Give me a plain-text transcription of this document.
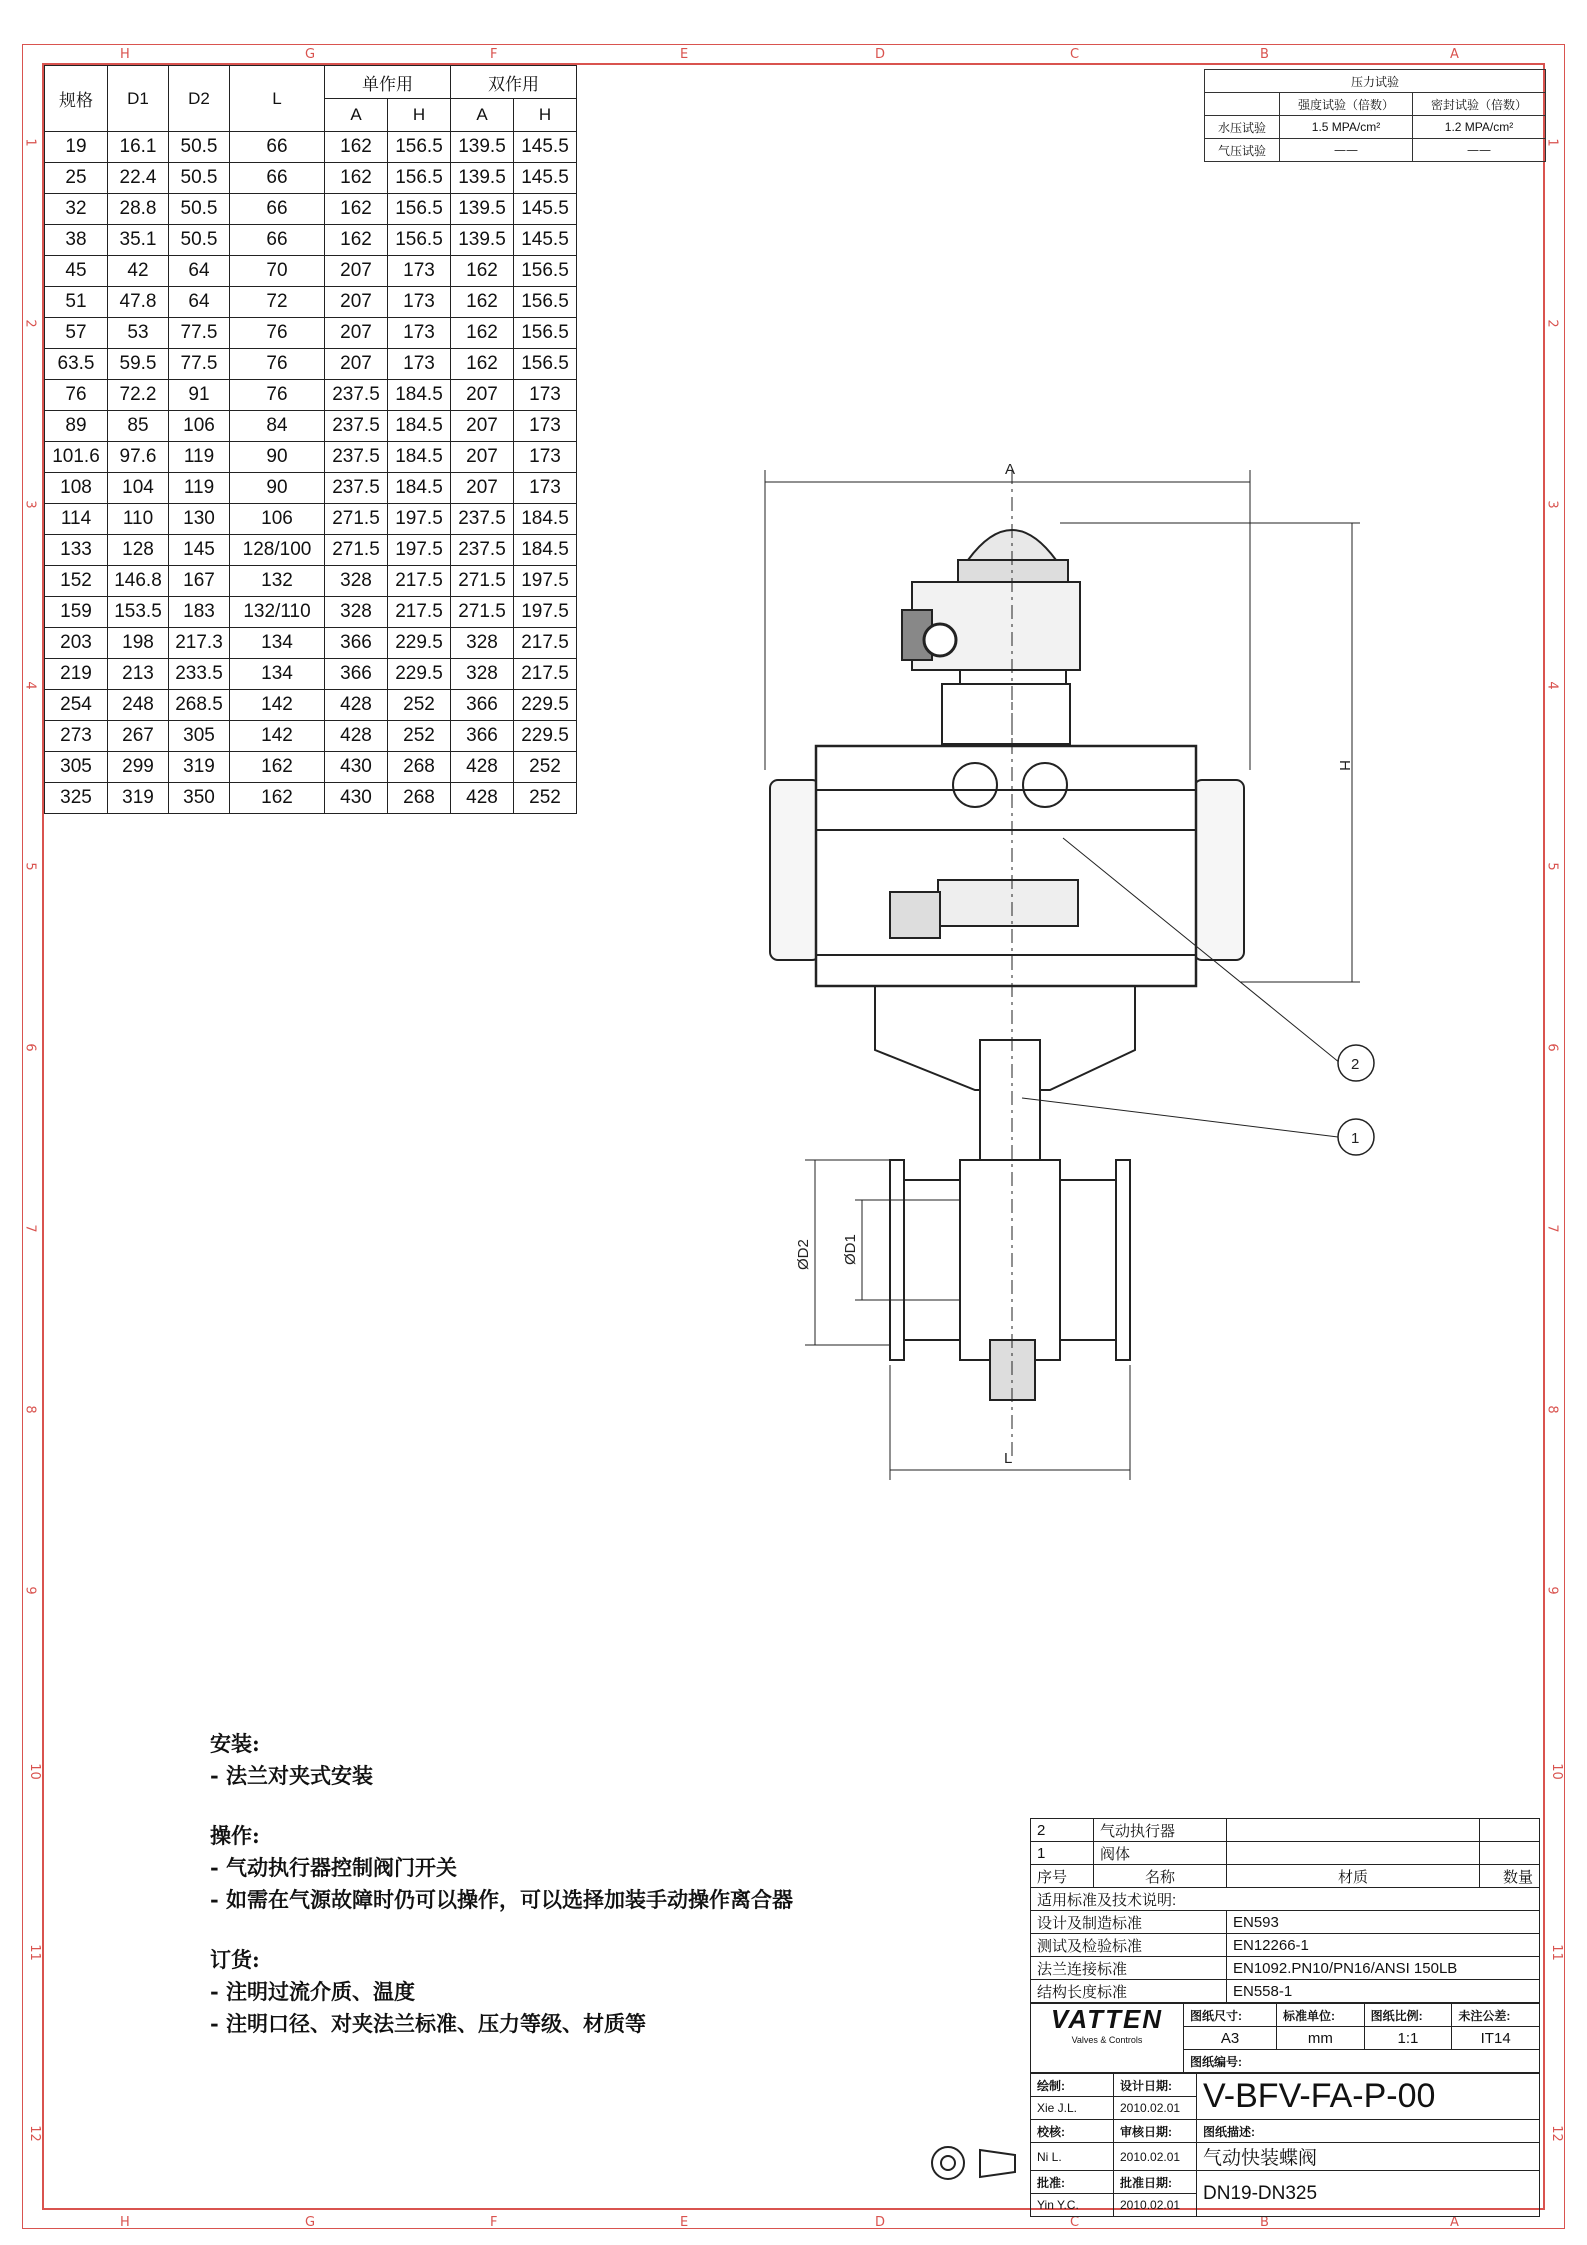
H
H
G
G
F
F
E
E
D
D
C
C
B
B
A
A
1	1
2	2
3	3
4	4
5	5
6	6
7	7
8	8
9	9
10	10
11	11
12	12
规格	D1	D2	L	单作用		双作用	
				A	H	A	H
19	16.1	50.5	66	162	156.5	139.5	145.5
25	22.4	50.5	66	162	156.5	139.5	145.5
32	28.8	50.5	66	162	156.5	139.5	145.5
38	35.1	50.5	66	162	156.5	139.5	145.5
45	42	64	70	207	173	162	156.5
51	47.8	64	72	207	173	162	156.5
57	53	77.5	76	207	173	162	156.5
63.5	59.5	77.5	76	207	173	162	156.5
76	72.2	91	76	237.5	184.5	207	173
89	85	106	84	237.5	184.5	207	173
101.6	97.6	119	90	237.5	184.5	207	173
108	104	119	90	237.5	184.5	207	173
114	110	130	106	271.5	197.5	237.5	184.5
133	128	145	128/100	271.5	197.5	237.5	184.5
152	146.8	167	132	328	217.5	271.5	197.5
159	153.5	183	132/110	328	217.5	271.5	197.5
203	198	217.3	134	366	229.5	328	217.5
219	213	233.5	134	366	229.5	328	217.5
254	248	268.5	142	428	252	366	229.5
273	267	305	142	428	252	366	229.5
305	299	319	162	430	268	428	252
325	319	350	162	430	268	428	252
压力试验		
	强度试验（倍数）	密封试验（倍数）
水压试验	1.5 MPA/cm²	1.2 MPA/cm²
气压试验	——	——
A
H
L
ØD2 ØD1
2
1
安装:
- 法兰对夹式安装
操作:
- 气动执行器控制阀门开关
- 如需在气源故障时仍可以操作，可以选择加装手动操作离合器
订货:
- 注明过流介质、温度
- 注明口径、对夹法兰标准、压力等级、材质等
2	气动执行器		
1	阀体		
序号	名称	材质	数量
适用标准及技术说明:			
设计及制造标准		EN593	
测试及检验标准		EN12266-1	
法兰连接标准		EN1092.PN10/PN16/ANSI 150LB	
结构长度标准		EN558-1	
VATTEN
Valves & Controls	图纸尺寸:	标准单位:	图纸比例:	未注公差:
	A3	mm	1:1	IT14
	图纸编号:			
绘制:	设计日期:	V-BFV-FA-P-00
Xie J.L.	2010.02.01	
校核:	审核日期:	图纸描述:
Ni L.	2010.02.01	气动快装蝶阀
批准:	批准日期:	DN19-DN325
Yin Y.C.	2010.02.01	
